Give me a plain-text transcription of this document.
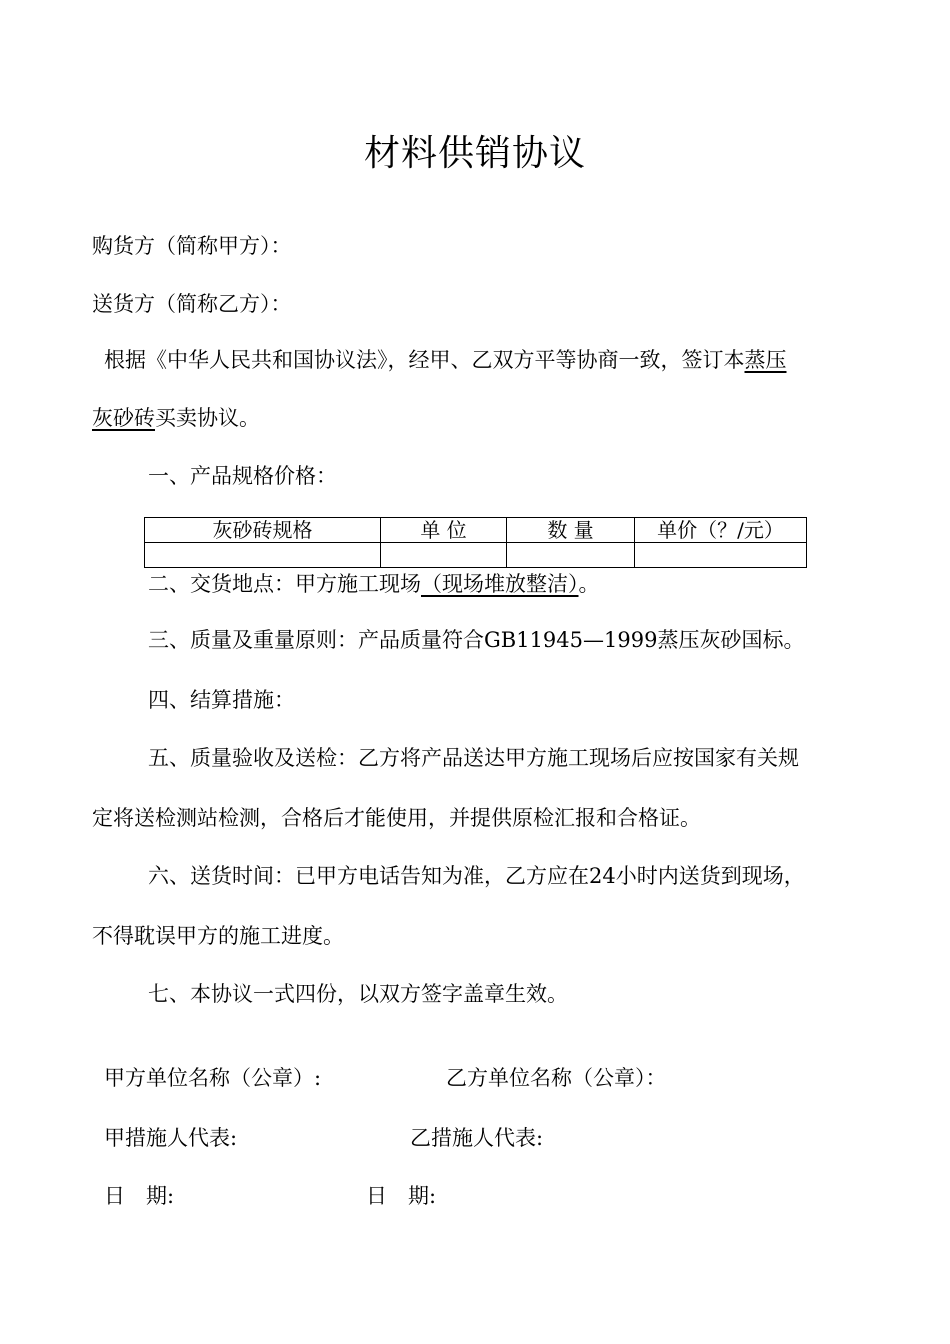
材料供销协议

购货方（简称甲方）：

送货方（简称乙方）：

根据《中华人民共和国协议法》，经甲、乙双方平等协商一致，签订本蒸压

灰砂砖买卖协议。

一、产品规格价格：

灰砂砖规格	单 位	数 量	单价（？/元）

二、交货地点：甲方施工现场（现场堆放整洁）。

三、质量及重量原则：产品质量符合GB11945—1999蒸压灰砂国标。

四、结算措施：

五、质量验收及送检：乙方将产品送达甲方施工现场后应按国家有关规

定将送检测站检测，合格后才能使用，并提供原检汇报和合格证。

六、送货时间：已甲方电话告知为准，乙方应在24小时内送货到现场，

不得耽误甲方的施工进度。

七、本协议一式四份，以双方签字盖章生效。

甲方单位名称（公章）:	乙方单位名称（公章）：

甲措施人代表:	乙措施人代表:

日　期:	日　期:
